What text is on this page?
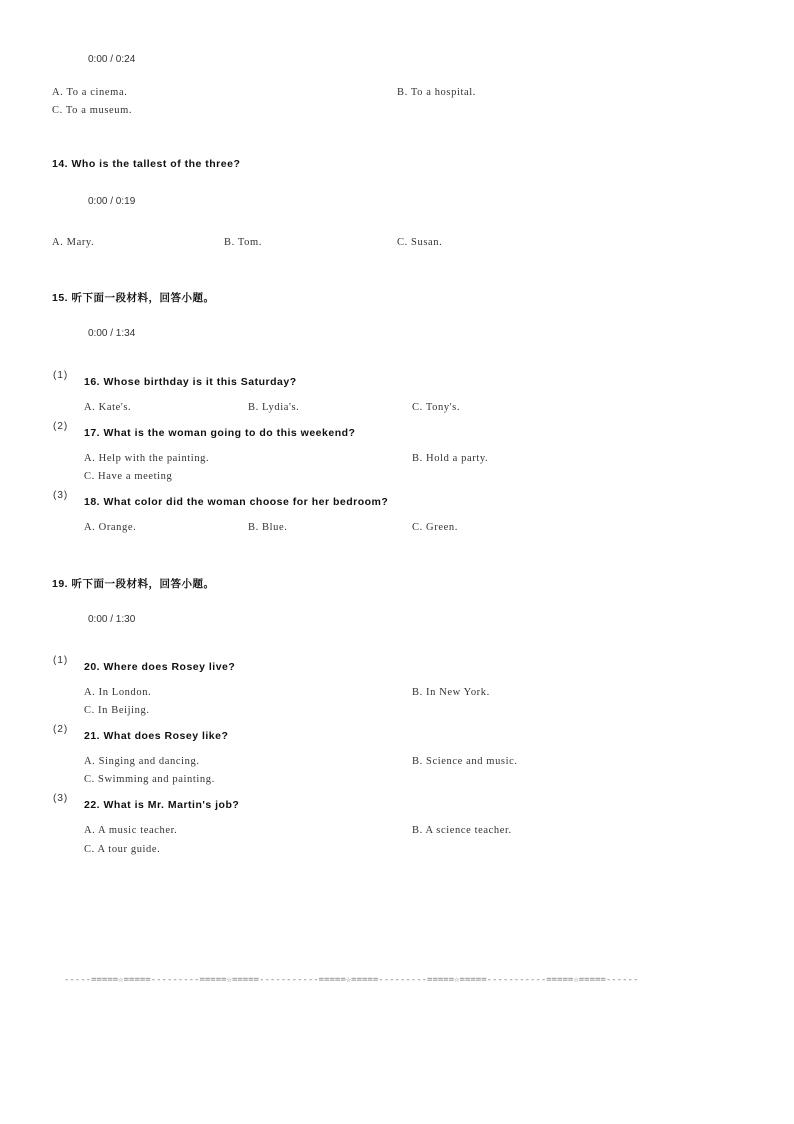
0:00 / 0:24
A. To a cinema.	B. To a hospital.
C. To a museum.
14. Who is the tallest of the three?
0:00 / 0:19
A. Mary.	B. Tom.	C. Susan.
15. 听下面一段材料，回答小题。
0:00 / 1:34
(1)
16. Whose birthday is it this Saturday?
A. Kate's.	B. Lydia's.	C. Tony's.
(2)
17. What is the woman going to do this weekend?
A. Help with the painting.	B. Hold a party.
C. Have a meeting
(3)
18. What color did the woman choose for her bedroom?
A. Orange.	B. Blue.	C. Green.
19. 听下面一段材料，回答小题。
0:00 / 1:30
(1)
20. Where does Rosey live?
A. In London.	B. In New York.
C. In Beijing.
(2)
21. What does Rosey like?
A. Singing and dancing.	B. Science and music.
C. Swimming and painting.
(3)
22. What is Mr. Martin's job?
A. A music teacher.	B. A science teacher.
C. A tour guide.
-----=====☆=====---------=====☆=====-----------=====☆=====---------=====☆=====-----------=====☆=====------
